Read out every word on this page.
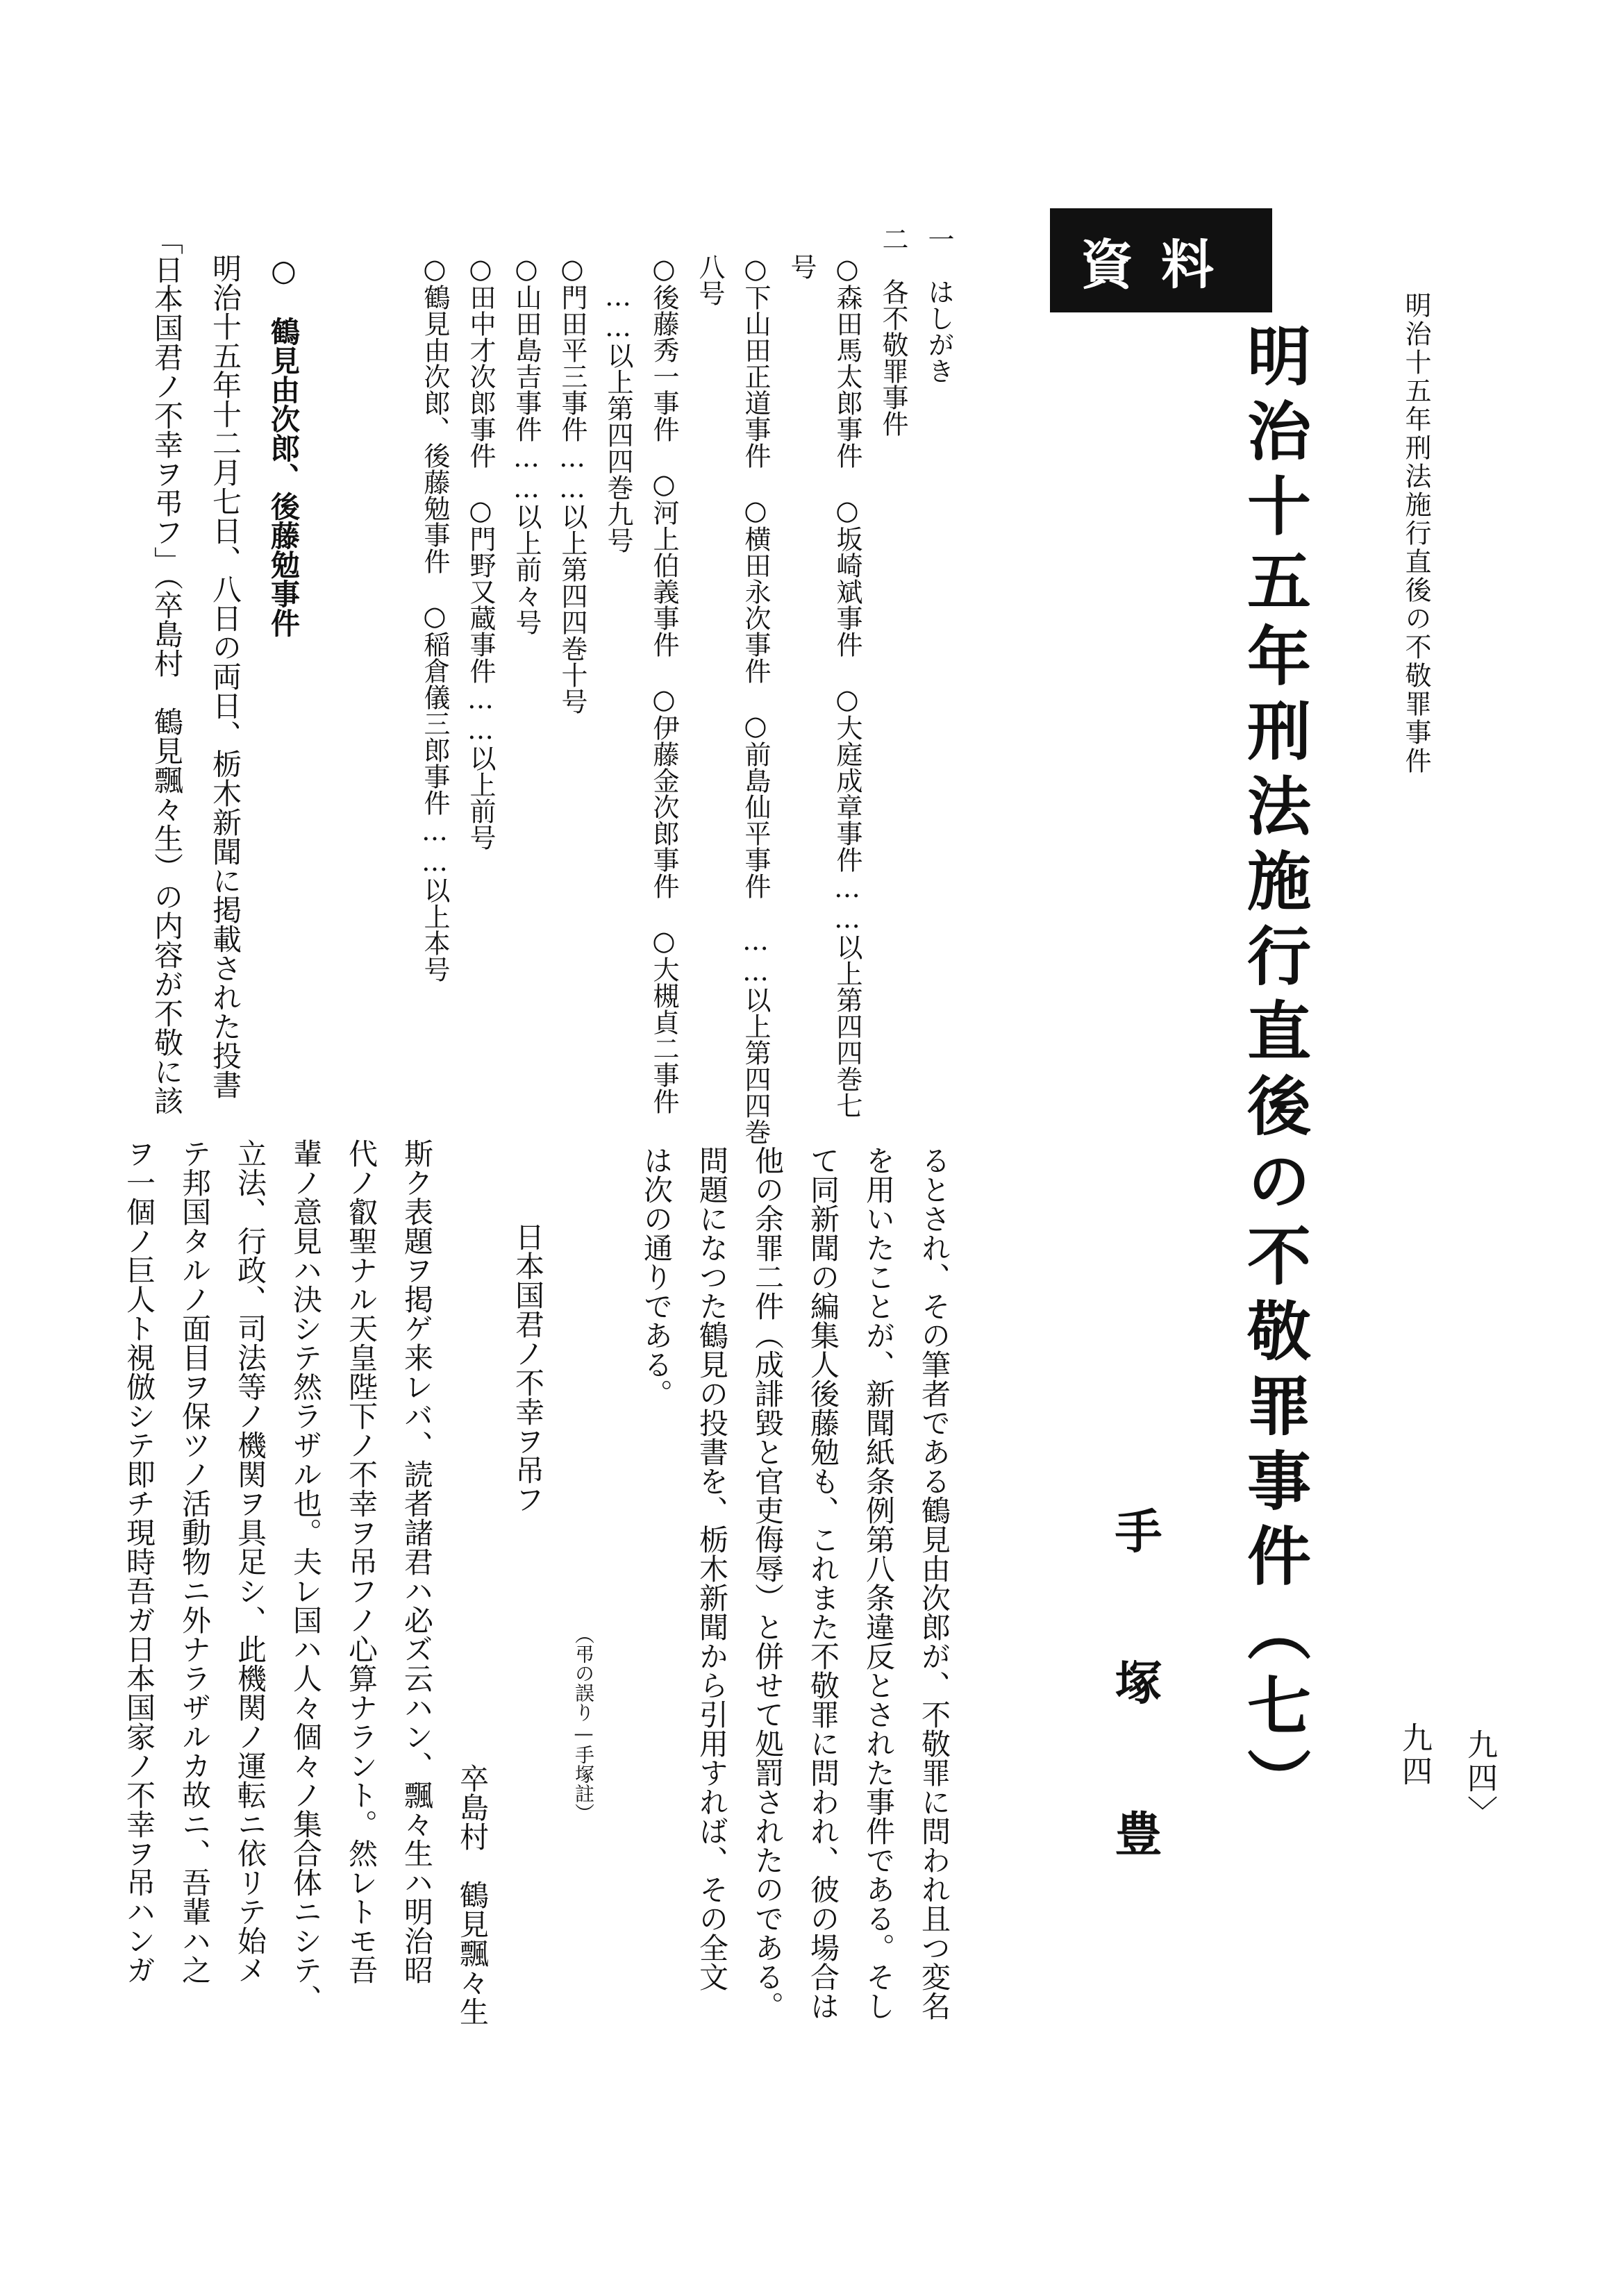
明治十五年刑法施行直後の不敬罪事件
九四 九四〉
資料
明治十五年刑法施行直後の不敬罪事件（七）
手塚豊

るとされ、その筆者である鶴見由次郎が、不敬罪に問われ且つ変名

を用いたことが、新聞紙条例第八条違反とされた事件である。そし

て同新聞の編集人後藤勉も、これまた不敬罪に問われ、彼の場合は

他の余罪二件（成誹毀と官吏侮辱）と併せて処罰されたのである。

問題になつた鶴見の投書を、栃木新聞から引用すれば、その全文

は次の通りである。

（弔の誤り—手塚註）

日本国君ノ不幸ヲ吊フ

卒島村　鶴見飄々生

斯ク表題ヲ掲ゲ来レバ、読者諸君ハ必ズ云ハン、飄々生ハ明治昭

代ノ叡聖ナル天皇陛下ノ不幸ヲ吊フノ心算ナラント。然レトモ吾

輩ノ意見ハ決シテ然ラザル也。夫レ国ハ人々個々ノ集合体ニシテ、

立法、行政、司法等ノ機関ヲ具足シ、此機関ノ運転ニ依リテ始メ

テ邦国タルノ面目ヲ保ツノ活動物ニ外ナラザルカ故ニ、吾輩ハ之

ヲ一個ノ巨人ト視倣シテ即チ現時吾ガ日本国家ノ不幸ヲ吊ハンガ

一　はしがき
二　各不敬罪事件
○森田馬太郎事件　○坂崎斌事件　○大庭成章事件……以上第四四巻七
号
○下山田正道事件　○横田永次事件　○前島仙平事件　……以上第四四巻
八号
○後藤秀一事件　○河上伯義事件　○伊藤金次郎事件　○大槻貞二事件
……以上第四四巻九号
○門田平三事件……以上第四四巻十号
○山田島吉事件……以上前々号
○田中才次郎事件　○門野又蔵事件……以上前号
○鶴見由次郎、後藤勉事件　○稲倉儀三郎事件……以上本号

○　鶴見由次郎、後藤勉事件

明治十五年十二月七日、八日の両日、栃木新聞に掲載された投書

「日本国君ノ不幸ヲ弔フ」（卒島村　鶴見飄々生）の内容が不敬に該
